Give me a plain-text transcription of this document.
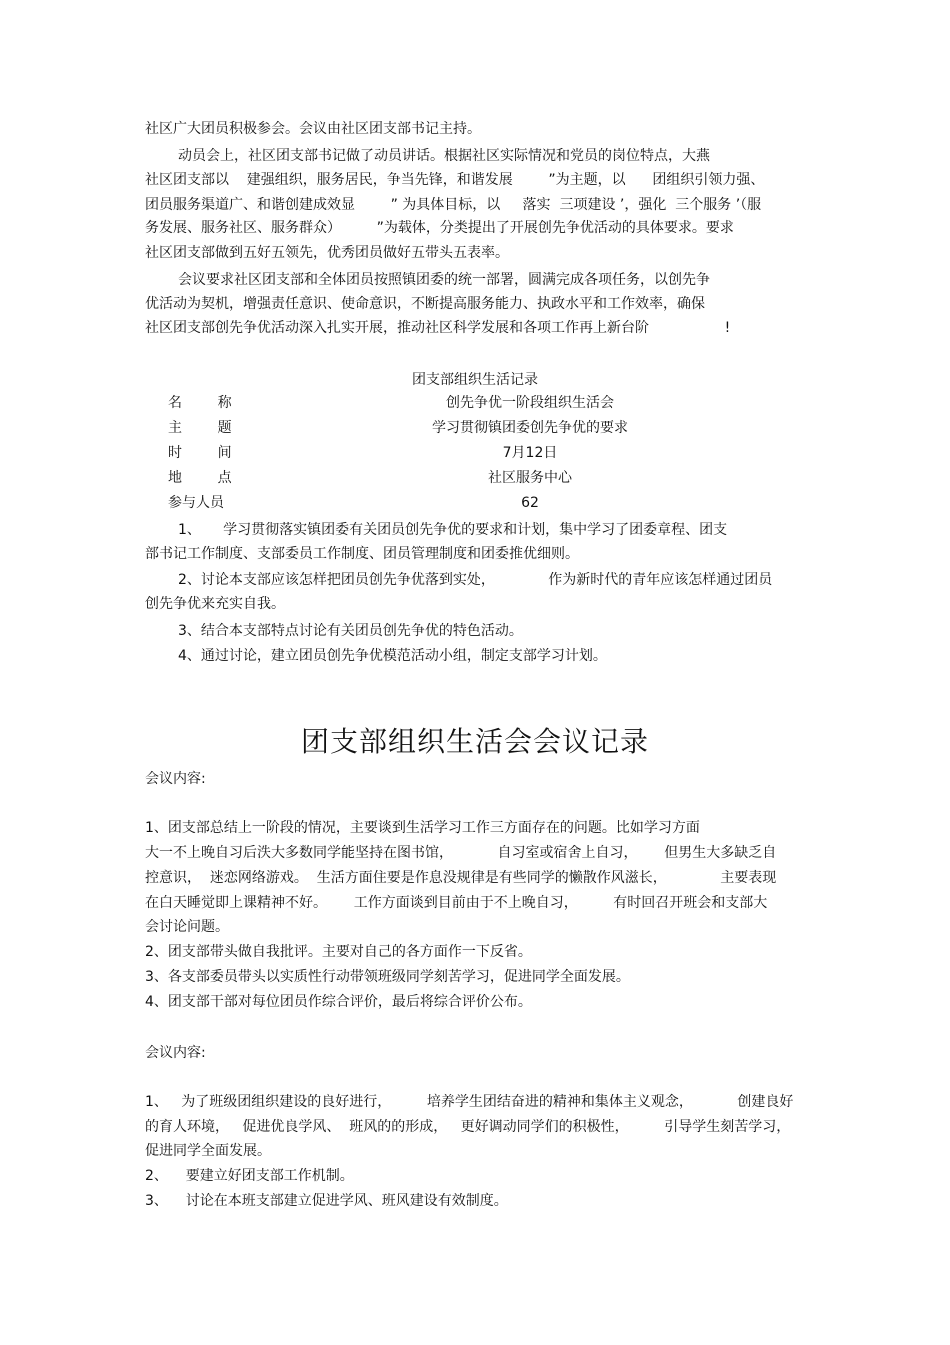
社区广大团员积极参会。会议由社区团支部书记主持。
动员会上，社区团支部书记做了动员讲话。根据社区实际情况和党员的岗位特点，大燕
社区团支部以    建强组织，服务居民，争当先锋，和谐发展        ”为主题，以      团组织引领力强、
团员服务渠道广、和谐创建成效显        ” 为具体目标，以     落实  三项建设 ’，强化  三个服务 ’（服
务发展、服务社区、服务群众）        ”为载体，分类提出了开展创先争优活动的具体要求。要求
社区团支部做到五好五领先，优秀团员做好五带头五表率。
会议要求社区团支部和全体团员按照镇团委的统一部署，圆满完成各项任务，以创先争
优活动为契机，增强责任意识、使命意识，不断提高服务能力、执政水平和工作效率，确保
社区团支部创先争优活动深入扎实开展，推动社区科学发展和各项工作再上新台阶                 !
团支部组织生活记录
名        称	创先争优一阶段组织生活会
主        题	学习贯彻镇团委创先争优的要求
时        间	7月12日
地        点	社区服务中心
参与人员	62
1、     学习贯彻落实镇团委有关团员创先争优的要求和计划，集中学习了团委章程、团支
部书记工作制度、支部委员工作制度、团员管理制度和团委推优细则。
2、讨论本支部应该怎样把团员创先争优落到实处，            作为新时代的青年应该怎样通过团员
创先争优来充实自我。
3、结合本支部特点讨论有关团员创先争优的特色活动。
4、通过讨论，建立团员创先争优模范活动小组，制定支部学习计划。
团支部组织生活会会议记录
会议内容:
1、团支部总结上一阶段的情况，主要谈到生活学习工作三方面存在的问题。比如学习方面
大一不上晚自习后泆大多数同学能坚持在图书馆，          自习室或宿舍上自习，      但男生大多缺乏自
控意识，  迷恋网络游戏。  生活方面住要是作息没规律是有些同学的懒散作风滋长，            主要表现
在白天睡觉即上课精神不好。      工作方面谈到目前由于不上晚自习，        有时回召开班会和支部大
会讨论问题。
2、团支部带头做自我批评。主要对自己的各方面作一下反省。
3、各支部委员带头以实质性行动带领班级同学刻苦学习，促进同学全面发展。
4、团支部干部对每位团员作综合评价，最后将综合评价公布。
会议内容:
1、   为了班级团组织建设的良好进行，        培养学生团结奋进的精神和集体主义观念，          创建良好
的育人环境，   促进优良学风、  班风的的形成，   更好调动同学们的积极性，        引导学生刻苦学习，
促进同学全面发展。
2、    要建立好团支部工作机制。
3、    讨论在本班支部建立促进学风、班风建设有效制度。
